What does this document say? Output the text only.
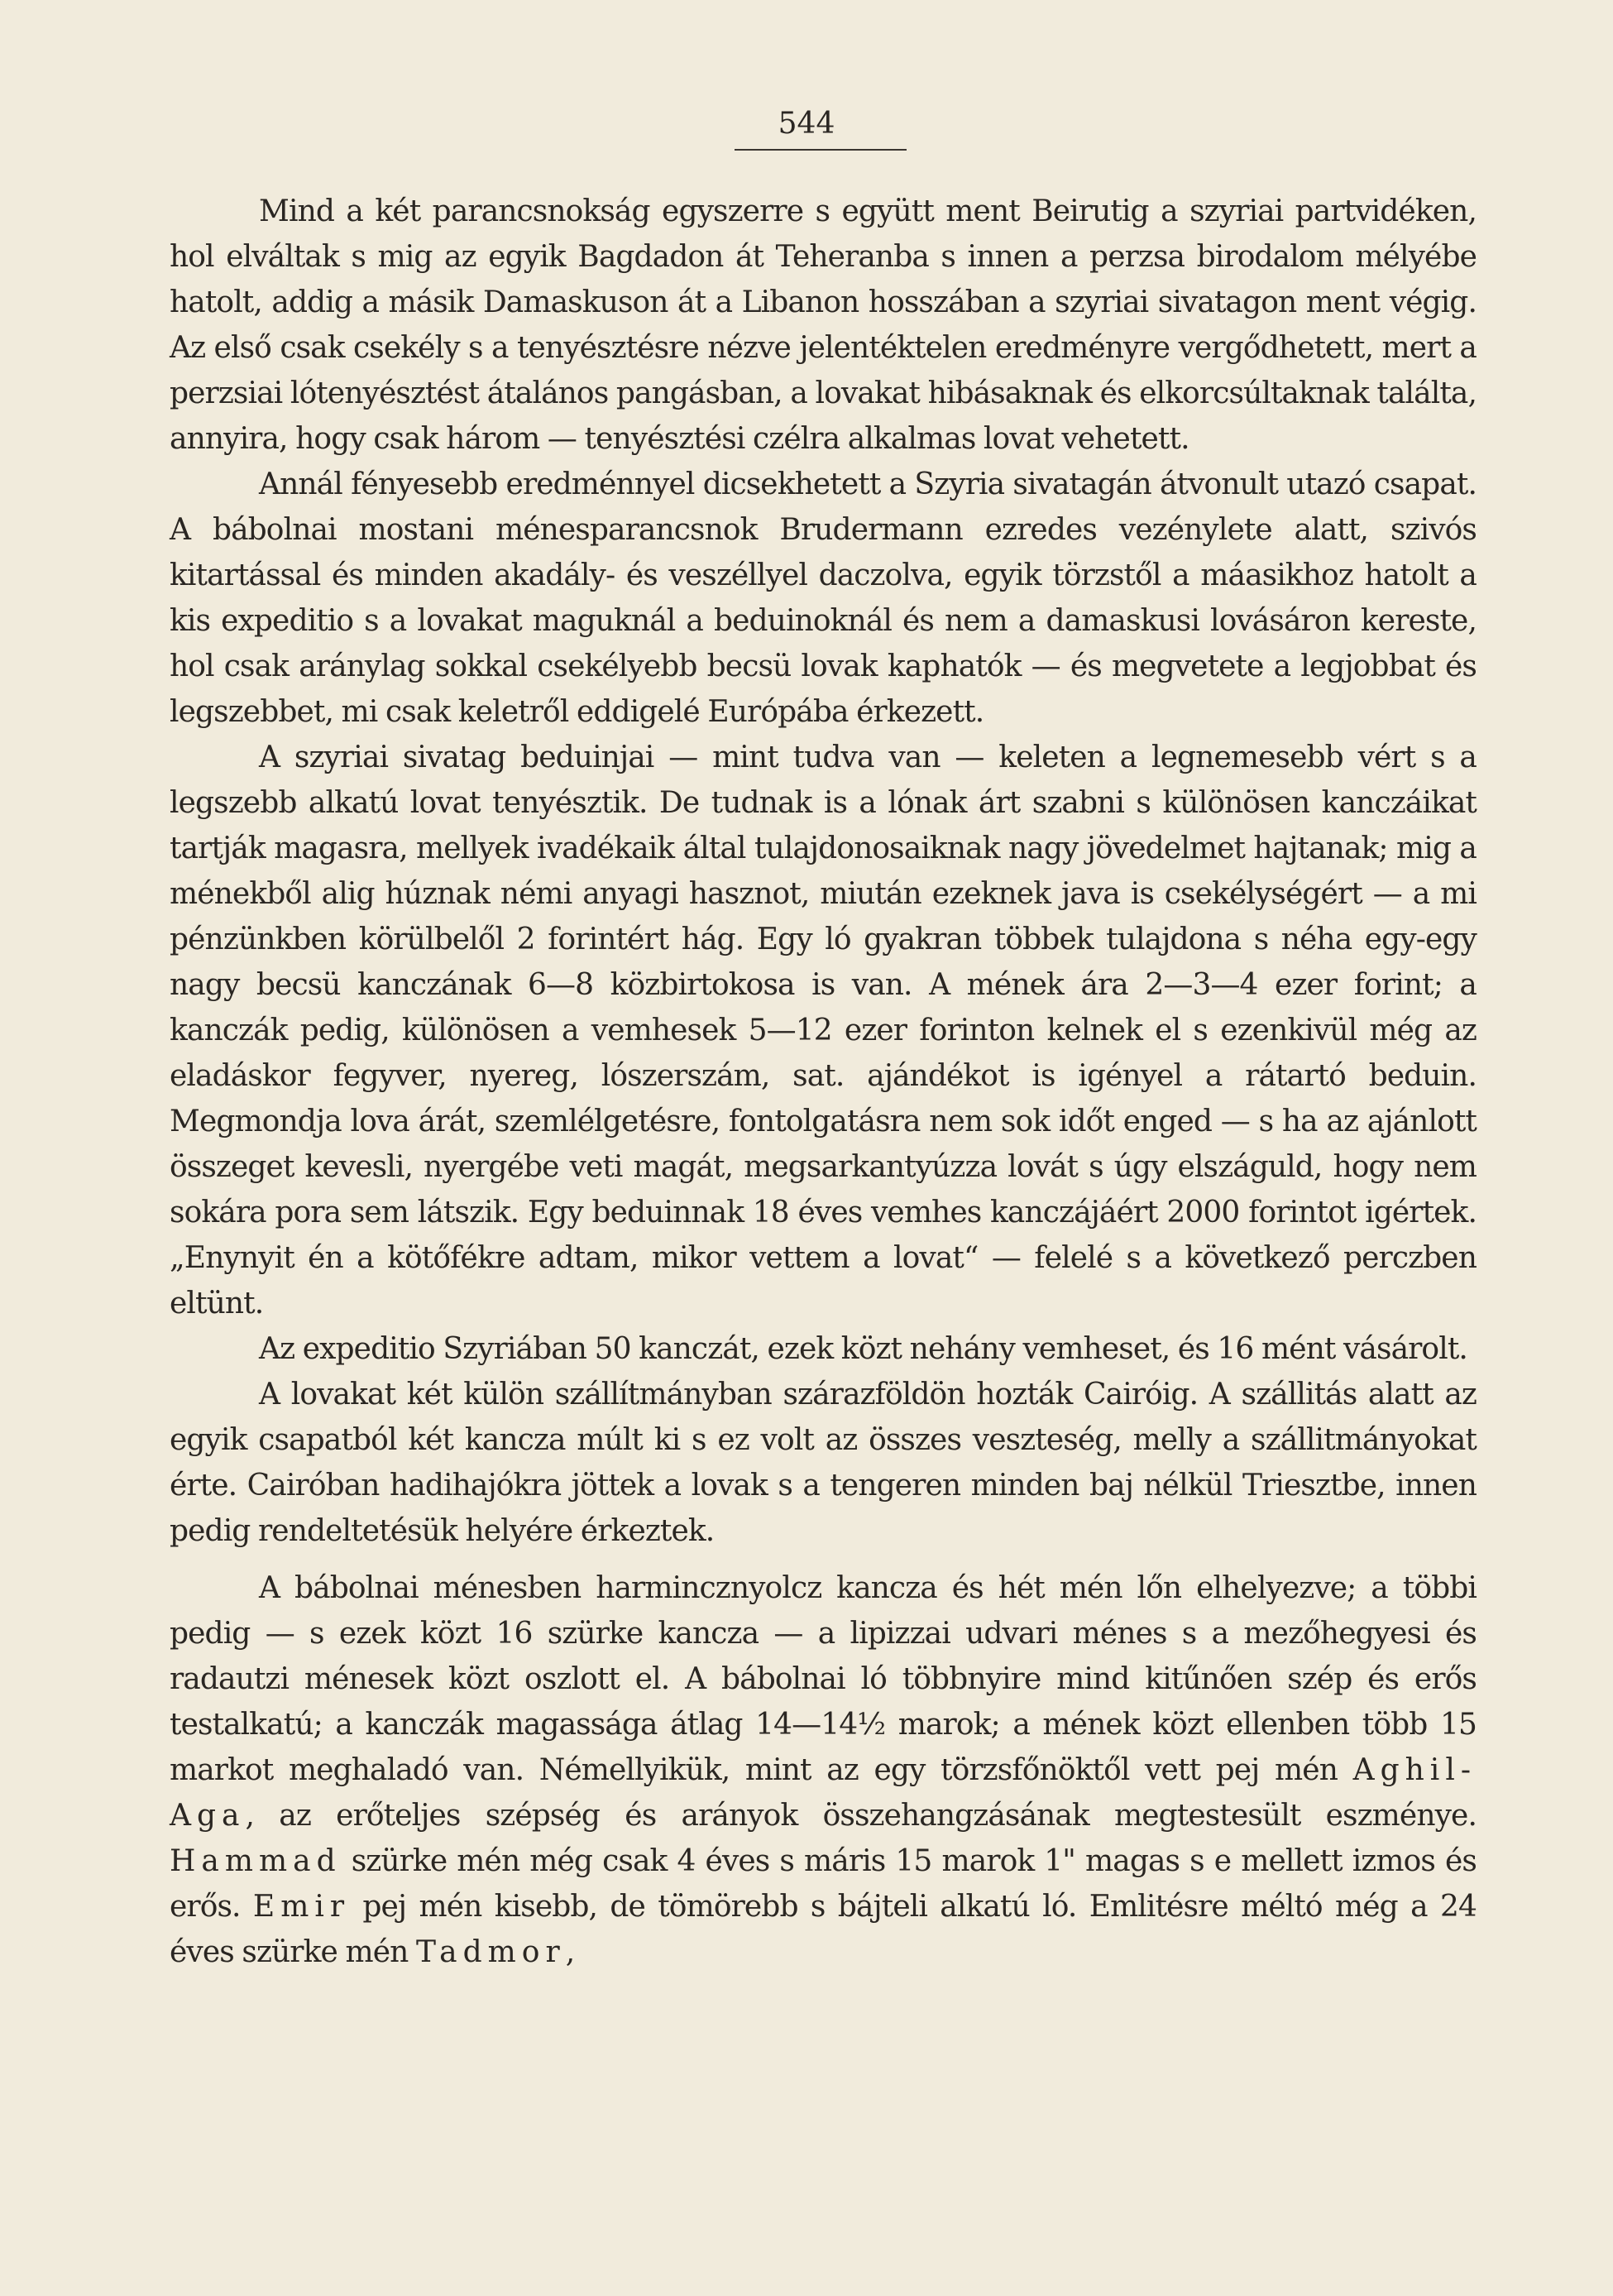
544

Mind a két parancsnokság egyszerre s együtt ment Beirutig a szyriai partvidéken, hol elváltak s mig az egyik Bagdadon át Teheranba s innen a perzsa birodalom mélyébe hatolt, addig a másik Damaskuson át a Libanon hosszában a szyriai sivatagon ment végig. Az első csak csekély s a tenyésztésre nézve jelentéktelen eredményre vergődhetett, mert a perzsiai lótenyésztést átalános pangásban, a lovakat hibásaknak és elkorcsúltaknak találta, annyira, hogy csak három — tenyésztési czélra alkalmas lovat vehetett.

Annál fényesebb eredménnyel dicsekhetett a Szyria sivatagán átvonult utazó csapat. A bábolnai mostani ménesparancsnok Brudermann ezredes vezénylete alatt, szivós kitartással és minden akadály- és veszéllyel daczolva, egyik törzstől a máasikhoz hatolt a kis expeditio s a lovakat maguknál a beduinoknál és nem a damaskusi lovásáron kereste, hol csak aránylag sokkal csekélyebb becsü lovak kaphatók — és megvetete a legjobbat és legszebbet, mi csak keletről eddigelé Európába érkezett.

A szyriai sivatag beduinjai — mint tudva van — keleten a legnemesebb vért s a legszebb alkatú lovat tenyésztik. De tudnak is a lónak árt szabni s különösen kanczáikat tartják magasra, mellyek ivadékaik által tulajdonosaiknak nagy jövedelmet hajtanak; mig a ménekből alig húznak némi anyagi hasznot, miután ezeknek java is csekélységért — a mi pénzünkben körülbelől 2 forintért hág. Egy ló gyakran többek tulajdona s néha egy-egy nagy becsü kanczának 6—8 közbirtokosa is van. A mének ára 2—3—4 ezer forint; a kanczák pedig, különösen a vemhesek 5—12 ezer forinton kelnek el s ezenkivül még az eladáskor fegyver, nyereg, lószerszám, sat. ajándékot is igényel a rátartó beduin. Megmondja lova árát, szemlélgetésre, fontolgatásra nem sok időt enged — s ha az ajánlott összeget kevesli, nyergébe veti magát, megsarkantyúzza lovát s úgy elszáguld, hogy nem sokára pora sem látszik. Egy beduinnak 18 éves vemhes kanczájáért 2000 forintot igértek. „Enynyit én a kötőfékre adtam, mikor vettem a lovat“ — felelé s a következő perczben eltünt.

Az expeditio Szyriában 50 kanczát, ezek közt nehány vemheset, és 16 mént vásárolt.

A lovakat két külön szállítmányban szárazföldön hozták Cairóig. A szállitás alatt az egyik csapatból két kancza múlt ki s ez volt az összes veszteség, melly a szállitmányokat érte. Cairóban hadihajókra jöttek a lovak s a tengeren minden baj nélkül Triesztbe, innen pedig rendeltetésük helyére érkeztek.

A bábolnai ménesben harmincznyolcz kancza és hét mén lőn elhelyezve; a többi pedig — s ezek közt 16 szürke kancza — a lipizzai udvari ménes s a mezőhegyesi és radautzi ménesek közt oszlott el. A bábolnai ló többnyire mind kitűnően szép és erős testalkatú; a kanczák magassága átlag 14—14½ marok; a mének közt ellenben több 15 markot meghaladó van. Némellyikük, mint az egy törzsfőnöktől vett pej mén Aghil-Aga, az erőteljes szépség és arányok összehangzásának megtestesült eszménye. Hammad szürke mén még csak 4 éves s máris 15 marok 1" magas s e mellett izmos és erős. Emir pej mén kisebb, de tömörebb s bájteli alkatú ló. Emlitésre méltó még a 24 éves szürke mén Tadmor,
